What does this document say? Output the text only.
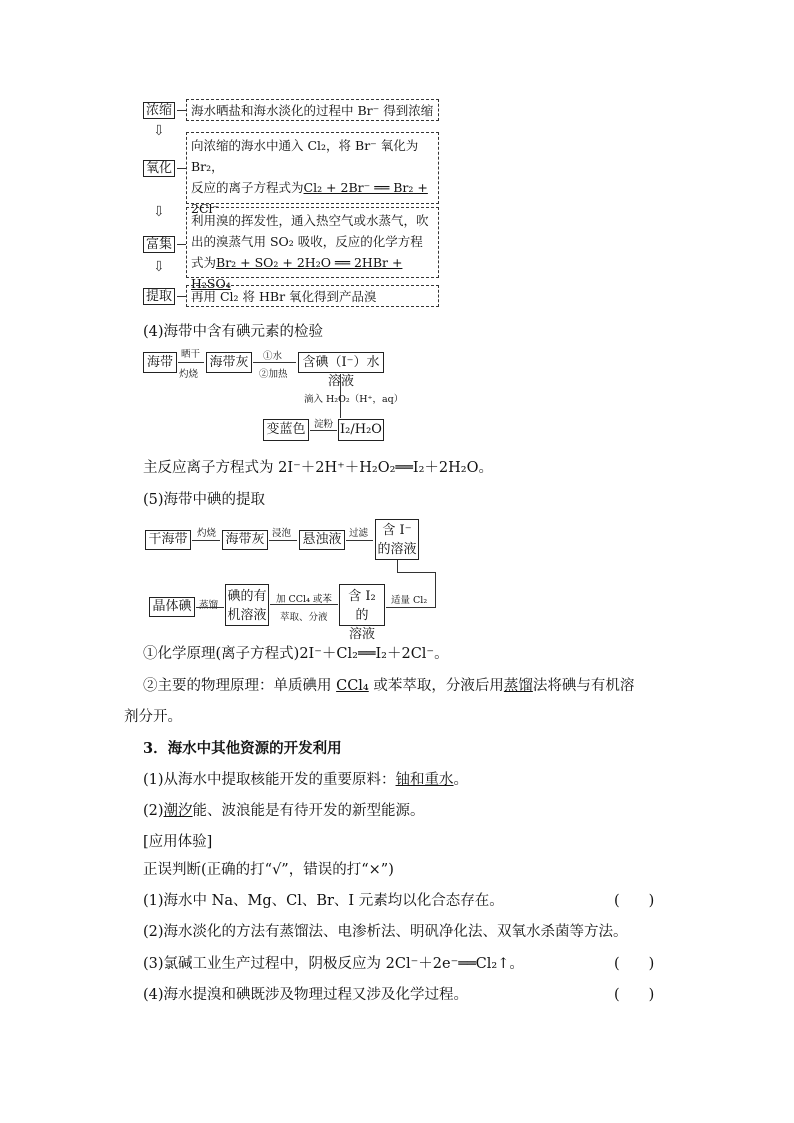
浓缩	海水晒盐和海水淡化的过程中 Br⁻ 得到浓缩
⇩
氧化
向浓缩的海水中通入 Cl₂，将 Br⁻ 氧化为 Br₂，
反应的离子方程式为Cl₂ + 2Br⁻ ══ Br₂ +
2Cl⁻
⇩
富集
利用溴的挥发性，通入热空气或水蒸气，吹
出的溴蒸气用 SO₂ 吸收，反应的化学方程
式为Br₂ + SO₂ + 2H₂O ══ 2HBr + H₂SO₄
⇩
提取	再用 Cl₂ 将 HBr 氧化得到产品溴
(4)海带中含有碘元素的检验
海带
晒干
灼烧
海带灰	①水
②加热
含碘（I⁻）水溶液
滴入 H₂O₂（H⁺，aq）
I₂/H₂O
淀粉
变蓝色
主反应离子方程式为 2I⁻＋2H⁺＋H₂O₂══I₂＋2H₂O。
(5)海带中碘的提取
干海带	灼烧 海带灰 浸泡 悬浊液 过滤	含 I⁻
的溶液
适量 Cl₂
含 I₂ 的
溶液
加 CCl₄ 或苯
萃取、分液
碘的有
机溶液
蒸馏
晶体碘
①化学原理(离子方程式)2I⁻＋Cl₂══I₂＋2Cl⁻。
②主要的物理原理：单质碘用 CCl₄ 或苯萃取，分液后用蒸馏法将碘与有机溶
剂分开。
3．海水中其他资源的开发利用
(1)从海水中提取核能开发的重要原料：铀和重水。
(2)潮汐能、波浪能是有待开发的新型能源。
[应用体验]
正误判断(正确的打“√”，错误的打“×”)
(1)海水中 Na、Mg、Cl、Br、I 元素均以化合态存在。	(　　)
(2)海水淡化的方法有蒸馏法、电渗析法、明矾净化法、双氧水杀菌等方法。
(3)氯碱工业生产过程中，阴极反应为 2Cl⁻＋2e⁻══Cl₂↑。	(　　)
(4)海水提溴和碘既涉及物理过程又涉及化学过程。	(　　)
